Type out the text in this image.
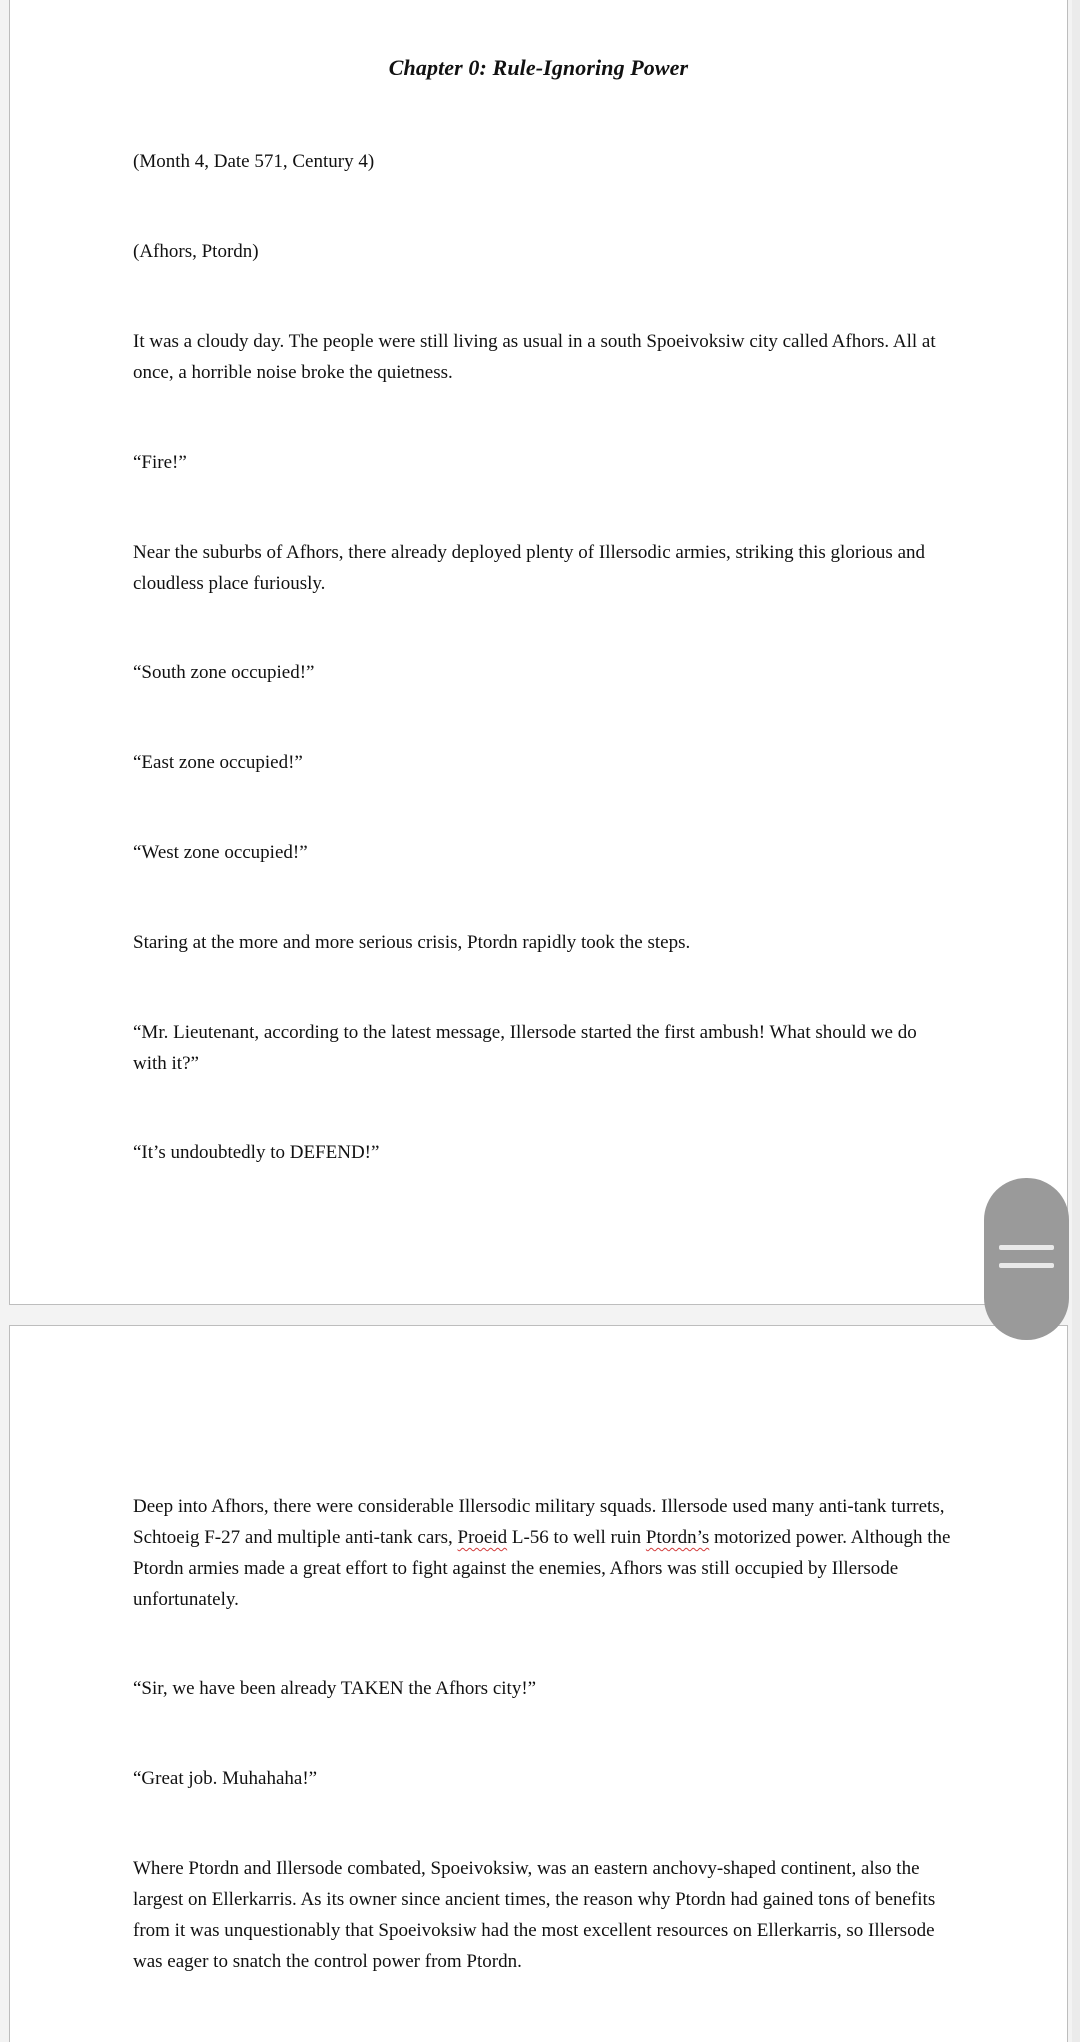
Chapter 0: Rule-Ignoring Power
(Month 4, Date 571, Century 4)
(Afhors, Ptordn)
It was a cloudy day. The people were still living as usual in a south Spoeivoksiw city called Afhors. All at once, a horrible noise broke the quietness.
“Fire!”
Near the suburbs of Afhors, there already deployed plenty of Illersodic armies, striking this glorious and cloudless place furiously.
“South zone occupied!”
“East zone occupied!”
“West zone occupied!”
Staring at the more and more serious crisis, Ptordn rapidly took the steps.
“Mr. Lieutenant, according to the latest message, Illersode started the first ambush! What should we do with it?”
“It’s undoubtedly to DEFEND!”
Deep into Afhors, there were considerable Illersodic military squads. Illersode used many anti-tank turrets, Schtoeig F-27 and multiple anti-tank cars, Proeid L-56 to well ruin Ptordn’s motorized power. Although the Ptordn armies made a great effort to fight against the enemies, Afhors was still occupied by Illersode unfortunately.
“Sir, we have been already TAKEN the Afhors city!”
“Great job. Muhahaha!”
Where Ptordn and Illersode combated, Spoeivoksiw, was an eastern anchovy-shaped continent, also the largest on Ellerkarris. As its owner since ancient times, the reason why Ptordn had gained tons of benefits from it was unquestionably that Spoeivoksiw had the most excellent resources on Ellerkarris, so Illersode was eager to snatch the control power from Ptordn.
